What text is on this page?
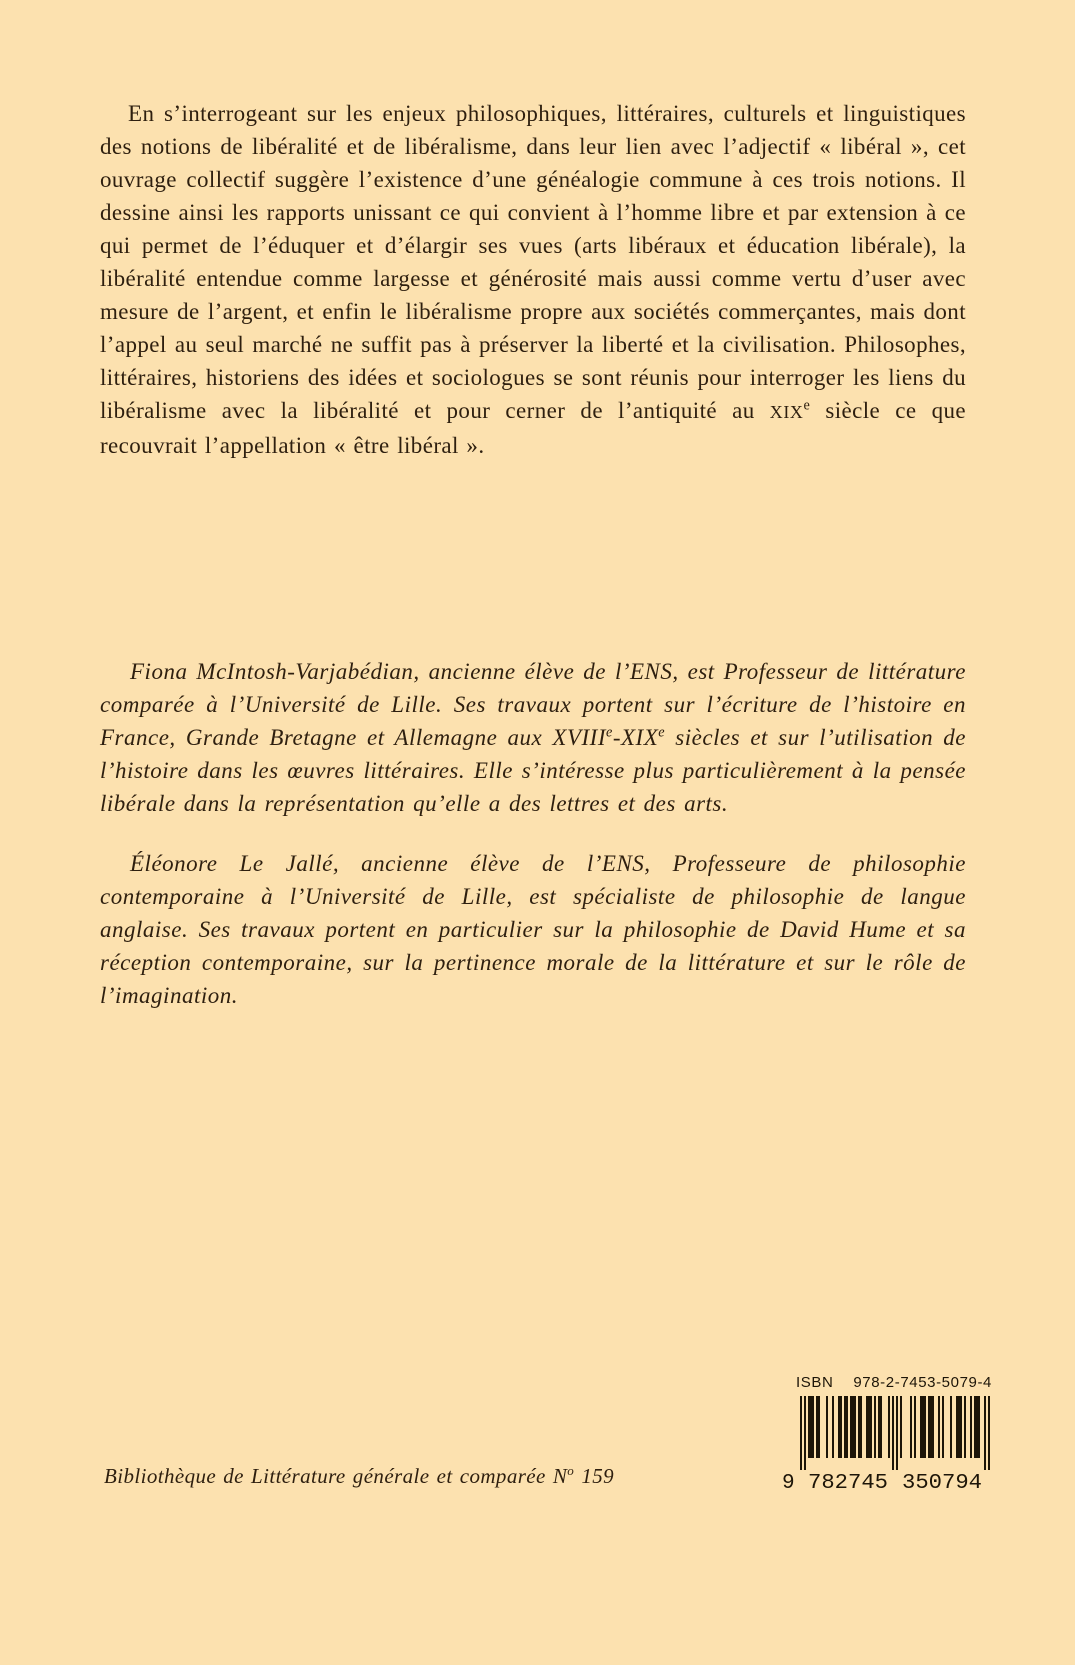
En s’interrogeant sur les enjeux philosophiques, littéraires, culturels et linguistiques des notions de libéralité et de libéralisme, dans leur lien avec l’adjectif « libéral », cet ouvrage collectif suggère l’existence d’une généalogie commune à ces trois notions. Il dessine ainsi les rapports unissant ce qui convient à l’homme libre et par extension à ce qui permet de l’éduquer et d’élargir ses vues (arts libéraux et éducation libérale), la libéralité entendue comme largesse et générosité mais aussi comme vertu d’user avec mesure de l’argent, et enfin le libéralisme propre aux sociétés commerçantes, mais dont l’appel au seul marché ne suffit pas à préserver la liberté et la civilisation. Philosophes, littéraires, historiens des idées et sociologues se sont réunis pour interroger les liens du libéralisme avec la libéralité et pour cerner de l’antiquité au XIXe siècle ce que recouvrait l’appellation « être libéral ».

Fiona McIntosh-Varjabédian, ancienne élève de l’ENS, est Professeur de littérature comparée à l’Université de Lille. Ses travaux portent sur l’écriture de l’histoire en France, Grande Bretagne et Allemagne aux XVIIIe-XIXe siècles et sur l’utilisation de l’histoire dans les œuvres littéraires. Elle s’intéresse plus particulièrement à la pensée libérale dans la représentation qu’elle a des lettres et des arts.

Éléonore Le Jallé, ancienne élève de l’ENS, Professeure de philosophie contemporaine à l’Université de Lille, est spécialiste de philosophie de langue anglaise. Ses travaux portent en particulier sur la philosophie de David Hume et sa réception contemporaine, sur la pertinence morale de la littérature et sur le rôle de l’imagination.

Bibliothèque de Littérature générale et comparée $N^o$ 159
ISBN 978-2-7453-5079-4
9 782745 350794
